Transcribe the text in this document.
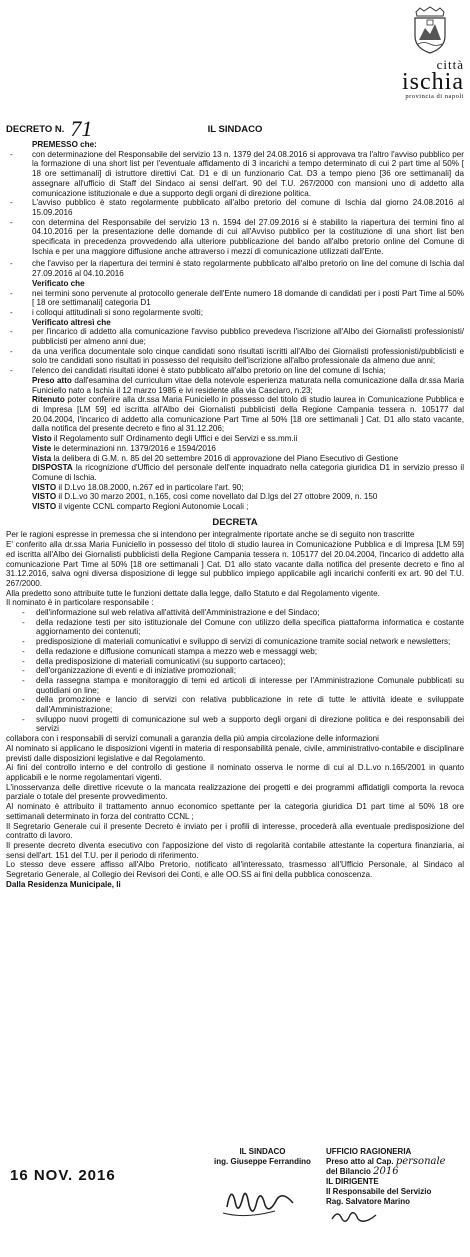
città
ischia
provincia di napoli
DECRETO N. 71	IL SINDACO

PREMESSO che:

- con determinazione del Responsabile del servizio 13 n. 1379 del 24.08.2016 si approvava tra l'altro l'avviso pubblico per la formazione di una short list per l'eventuale affidamento di 3 incarichi a tempo determinato di cui 2 part time al 50% [ 18 ore settimanali] di istruttore direttivi Cat. D1 e di un funzionario Cat. D3 a tempo pieno [36 ore settimanali] da assegnare all'ufficio di Staff del Sindaco ai sensi dell'art. 90 del T.U. 267/2000 con mansioni uno di addetto alla comunicazione istituzionale e due a supporto degli organi di direzione politica.
- L'avviso pubblico è stato regolarmente pubblicato all'albo pretorio del comune di Ischia dal giorno 24.08.2016 al 15.09.2016
- con determina del Responsabile del servizio 13 n. 1594 del 27.09.2016 si è stabilito la riapertura dei termini fino al 04.10.2016 per la presentazione delle domande di cui all'Avviso pubblico per la costituzione di una short list ben specificata in precedenza provvedendo alla ulteriore pubblicazione del bando all'albo pretorio online del Comune di Ischia e per una maggiore diffusione anche attraverso i mezzi di comunicazione utilizzati dall'Ente.
- che l'avviso per la riapertura dei termini è stato regolarmente pubblicato all'albo pretorio on line del comune di Ischia dal 27.09.2016 al 04.10.2016

Verificato che

- nei termini sono pervenute al protocollo generale dell'Ente numero 18 domande di candidati per i posti Part Time al 50% [ 18 ore settimanali] categoria D1
- i colloqui attitudinali si sono regolarmente svolti;

Verificato altresì che

- per l'incarico di addetto alla comunicazione l'avviso pubblico prevedeva l'iscrizione all'Albo dei Giornalisti professionisti/ pubblicisti per almeno anni due;
- da una verifica documentale solo cinque candidati sono risultati iscritti all'Albo dei Giornalisti professionisti/pubblicisti e solo tre candidati sono risultati in possesso del requisito dell'iscrizione all'albo professionale da almeno due anni;
- l'elenco dei candidati risultati idonei è stato pubblicato all'albo pretorio on line del comune di Ischia;
Preso atto dall'esamina del curriculum vitae della notevole esperienza maturata nella comunicazione dalla dr.ssa Maria Funiciello nato a Ischia il 12 marzo 1985 e ivi residente alla via Casciaro, n.23;
Ritenuto poter conferire alla dr.ssa Maria Funiciello in possesso del titolo di studio laurea in Comunicazione Pubblica e di Impresa [LM 59] ed iscritta all'Albo dei Giornalisti pubblicisti della Regione Campania tessera n. 105177 dal 20.04.2004, l'incarico di addetto alla comunicazione Part Time al 50% [18 ore settimanali ] Cat. D1 allo stato vacante, dalla notifica del presente decreto e fino al 31.12.206;
Visto il Regolamento sull' Ordinamento degli Uffici e dei Servizi e ss.mm.ii
Viste le determinazioni nn. 1379/2016 e 1594/2016
Vista la delibera di G.M. n. 85 del 20 settembre 2016 di approvazione del Piano Esecutivo di Gestione
DISPOSTA la ricognizione d'Ufficio del personale dell'ente inquadrato nella categoria giuridica D1 in servizio presso il Comune di Ischia.
VISTO il D.Lvo 18.08.2000, n.267 ed in particolare l'art. 90;
VISTO il D.L.vo 30 marzo 2001, n.165, così come novellato dal D.lgs del 27 ottobre 2009, n. 150
VISTO il vigente CCNL comparto Regioni Autonomie Locali ;
DECRETA

Per le ragioni espresse in premessa che si intendono per integralmente riportate anche se di seguito non trascritte

E' conferito alla dr.ssa Maria Funiciello in possesso del titolo di studio laurea in Comunicazione Pubblica e di Impresa [LM 59] ed iscritta all'Albo dei Giornalisti pubblicisti della Regione Campania tessera n. 105177 del 20.04.2004, l'incarico di addetto alla comunicazione Part Time al 50% [18 ore settimanali ] Cat. D1 allo stato vacante dalla notifica del presente decreto e fino al 31.12.2016, salva ogni diversa disposizione di legge sul pubblico impiego applicabile agli incarichi conferiti ex art. 90 del T.U. 267/2000.

Alla predetto sono attribuite tutte le funzioni dettate dalla legge, dallo Statuto e dal Regolamento vigente.

Il nominato è in particolare responsabile :

- dell'informazione sul web relativa all'attività dell'Amministrazione e del Sindaco;
- della redazione testi per sito istituzionale del Comune con utilizzo della specifica piattaforma informatica e costante aggiornamento dei contenuti;
- predisposizione di materiali comunicativi e sviluppo di servizi di comunicazione tramite social network e newsletters;
- della redazione e diffusione comunicati stampa a mezzo web e messaggi web;
- della predisposizione di materiali comunicativi (su supporto cartaceo);
- dell'organizzazione di eventi e di iniziative promozionali;
- della rassegna stampa e monitoraggio di temi ed articoli di interesse per l'Amministrazione Comunale pubblicati su quotidiani on line;
- della promozione e lancio di servizi con relativa pubblicazione in rete di tutte le attività ideate e sviluppate dall'Amministrazione;
- sviluppo nuovi progetti di comunicazione sul web a supporto degli organi di direzione politica e dei responsabili dei servizi

collabora con i responsabili di servizi comunali a garanzia della più ampia circolazione delle informazioni

Al nominato si applicano le disposizioni vigenti in materia di responsabilità penale, civile, amministrativo-contabile e disciplinare previsti dalle disposizioni legislative e dal Regolamento.

Ai fini del controllo interno e del controllo di gestione il nominato osserva le norme di cui al D.L.vo n.165/2001 in quanto applicabili e le norme regolamentari vigenti.

L'inosservanza delle direttive ricevute o la mancata realizzazione dei progetti e dei programmi affidatigli comporta la revoca parziale o totale del presente provvedimento.

Al nominato è attribuito il trattamento annuo economico spettante per la categoria giuridica D1 part time al 50% 18 ore settimanali determinato in forza del contratto CCNL ;

Il Segretario Generale cui il presente Decreto è inviato per i profili di interesse, procederà alla eventuale predisposizione del contratto di lavoro.

Il presente decreto diventa esecutivo con l'apposizione del visto di regolarità contabile attestante la copertura finanziaria, ai sensi dell'art. 151 del T.U. per il periodo di riferimento.

Lo stesso deve essere affisso all'Albo Pretorio, notificato all'interessato, trasmesso all'Ufficio Personale, al Sindaco al Segretario Generale, al Collegio dei Revisori dei Conti, e alle OO.SS ai fini della pubblica conoscenza.

Dalla Residenza Municipale, li

IL SINDACO
ing. Giuseppe Ferrandino
16 NOV. 2016
UFFICIO RAGIONERIA
Preso atto al Cap. personale
del Bilancio 2016
IL DIRIGENTE
Il Responsabile del Servizio
Rag. Salvatore Marino
